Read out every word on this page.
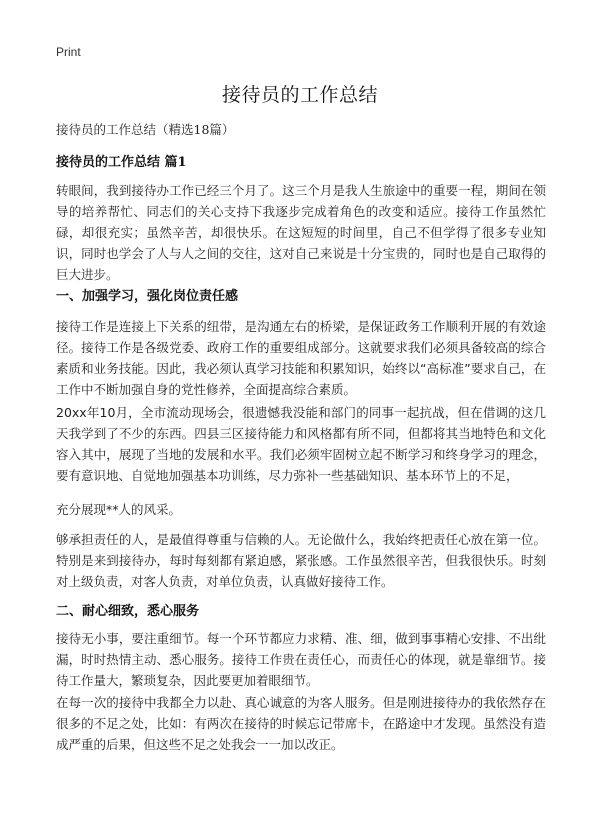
Print
接待员的工作总结
接待员的工作总结（精选18篇）
接待员的工作总结 篇1

转眼间，我到接待办工作已经三个月了。这三个月是我人生旅途中的重要一程，期间在领导的培养帮忙、同志们的关心支持下我逐步完成着角色的改变和适应。接待工作虽然忙碌，却很充实；虽然辛苦，却很快乐。在这短短的时间里，自己不但学得了很多专业知识，同时也学会了人与人之间的交往，这对自己来说是十分宝贵的，同时也是自己取得的巨大进步。

一、加强学习，强化岗位责任感

接待工作是连接上下关系的纽带，是沟通左右的桥梁，是保证政务工作顺利开展的有效途径。接待工作是各级党委、政府工作的重要组成部分。这就要求我们必须具备较高的综合素质和业务技能。因此，我必须认真学习技能和积累知识，始终以“高标准”要求自己，在工作中不断加强自身的党性修养，全面提高综合素质。

20xx年10月，全市流动现场会，很遗憾我没能和部门的同事一起抗战，但在借调的这几天我学到了不少的东西。四县三区接待能力和风格都有所不同，但都将其当地特色和文化容入其中，展现了当地的发展和水平。我们必须牢固树立起不断学习和终身学习的理念，要有意识地、自觉地加强基本功训练，尽力弥补一些基础知识、基本环节上的不足，

充分展现**人的风采。

够承担责任的人，是最值得尊重与信赖的人。无论做什么，我始终把责任心放在第一位。特别是来到接待办，每时每刻都有紧迫感，紧张感。工作虽然很辛苦，但我很快乐。时刻对上级负责，对客人负责，对单位负责，认真做好接待工作。

二、耐心细致，悉心服务

接待无小事，要注重细节。每一个环节都应力求精、准、细，做到事事精心安排、不出纰漏，时时热情主动、悉心服务。接待工作贵在责任心，而责任心的体现，就是靠细节。接待工作量大，繁琐复杂，因此要更加着眼细节。

在每一次的接待中我都全力以赴、真心诚意的为客人服务。但是刚进接待办的我依然存在很多的不足之处，比如：有两次在接待的时候忘记带席卡，在路途中才发现。虽然没有造成严重的后果，但这些不足之处我会一一加以改正。
